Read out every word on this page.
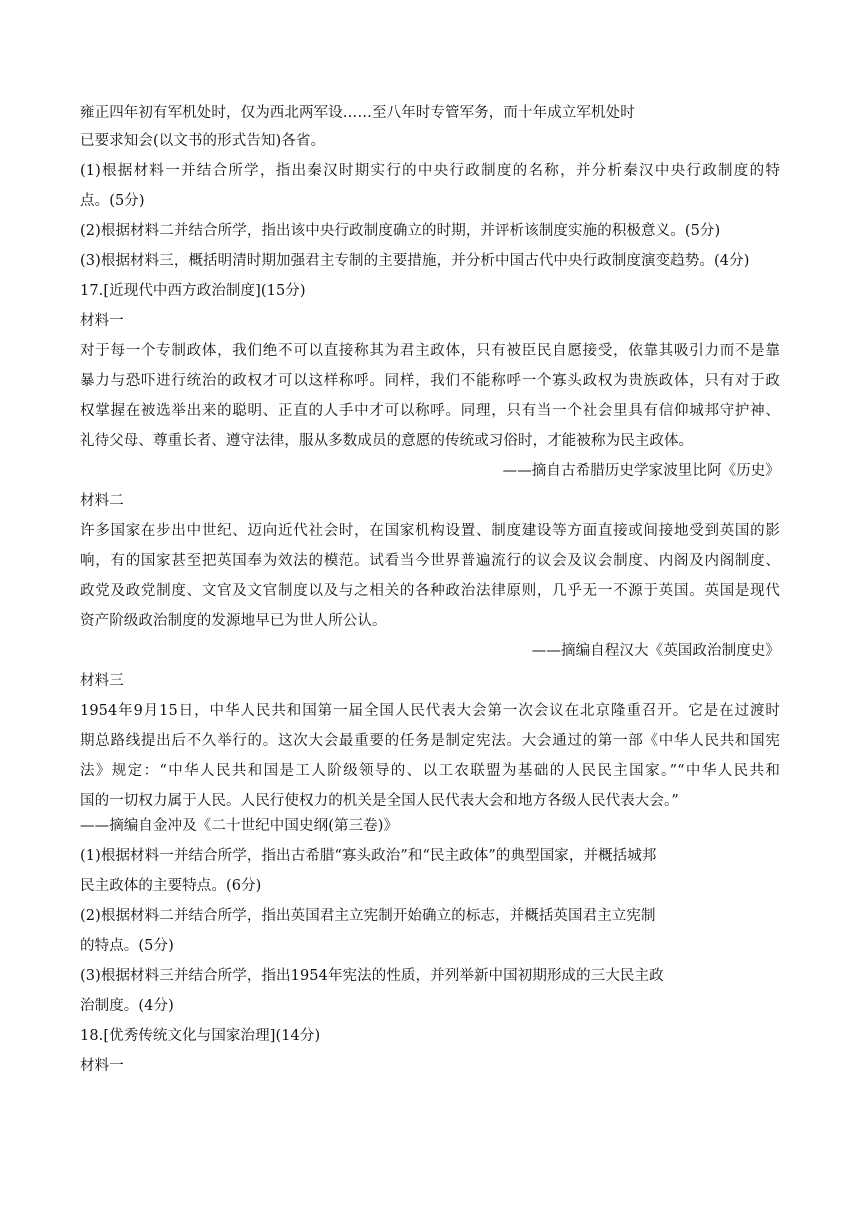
雍正四年初有军机处时，仅为西北两军设……至八年时专管军务，而十年成立军机处时
已要求知会(以文书的形式告知)各省。
(1)根据材料一并结合所学，指出秦汉时期实行的中央行政制度的名称，并分析秦汉中央行政制度的特
点。(5分)
(2)根据材料二并结合所学，指出该中央行政制度确立的时期，并评析该制度实施的积极意义。(5分)
(3)根据材料三，概括明清时期加强君主专制的主要措施，并分析中国古代中央行政制度演变趋势。(4分)
17.[近现代中西方政治制度](15分)
材料一
对于每一个专制政体，我们绝不可以直接称其为君主政体，只有被臣民自愿接受，依靠其吸引力而不是靠
暴力与恐吓进行统治的政权才可以这样称呼。同样，我们不能称呼一个寡头政权为贵族政体，只有对于政
权掌握在被选举出来的聪明、正直的人手中才可以称呼。同理，只有当一个社会里具有信仰城邦守护神、
礼待父母、尊重长者、遵守法律，服从多数成员的意愿的传统或习俗时，才能被称为民主政体。
——摘自古希腊历史学家波里比阿《历史》
材料二
许多国家在步出中世纪、迈向近代社会时，在国家机构设置、制度建设等方面直接或间接地受到英国的影
响，有的国家甚至把英国奉为效法的模范。试看当今世界普遍流行的议会及议会制度、内阁及内阁制度、
政党及政党制度、文官及文官制度以及与之相关的各种政治法律原则，几乎无一不源于英国。英国是现代
资产阶级政治制度的发源地早已为世人所公认。
——摘编自程汉大《英国政治制度史》
材料三
1954年9月15日，中华人民共和国第一届全国人民代表大会第一次会议在北京隆重召开。它是在过渡时
期总路线提出后不久举行的。这次大会最重要的任务是制定宪法。大会通过的第一部《中华人民共和国宪
法》规定：“中华人民共和国是工人阶级领导的、以工农联盟为基础的人民民主国家。”“中华人民共和
国的一切权力属于人民。人民行使权力的机关是全国人民代表大会和地方各级人民代表大会。”
——摘编自金冲及《二十世纪中国史纲(第三卷)》
(1)根据材料一并结合所学，指出古希腊“寡头政治”和“民主政体”的典型国家，并概括城邦
民主政体的主要特点。(6分)
(2)根据材料二并结合所学，指出英国君主立宪制开始确立的标志，并概括英国君主立宪制
的特点。(5分)
(3)根据材料三并结合所学，指出1954年宪法的性质，并列举新中国初期形成的三大民主政
治制度。(4分)
18.[优秀传统文化与国家治理](14分)
材料一
